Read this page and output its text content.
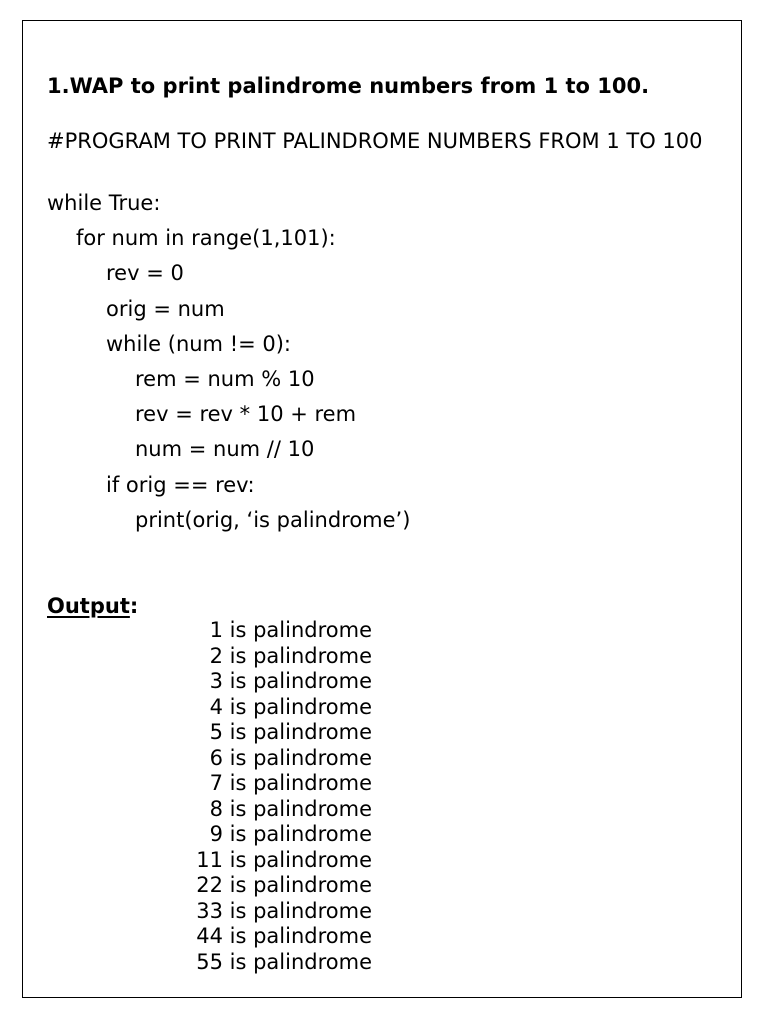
1.WAP to print palindrome numbers from 1 to 100.
#PROGRAM TO PRINT PALINDROME NUMBERS FROM 1 TO 100
while True:
for num in range(1,101):
rev = 0
orig = num
while (num != 0):
rem = num % 10
rev = rev * 10 + rem
num = num // 10
if orig == rev:
print(orig, ‘is palindrome’)
Output:
1 is palindrome
2 is palindrome
3 is palindrome
4 is palindrome
5 is palindrome
6 is palindrome
7 is palindrome
8 is palindrome
9 is palindrome
11 is palindrome
22 is palindrome
33 is palindrome
44 is palindrome
55 is palindrome
